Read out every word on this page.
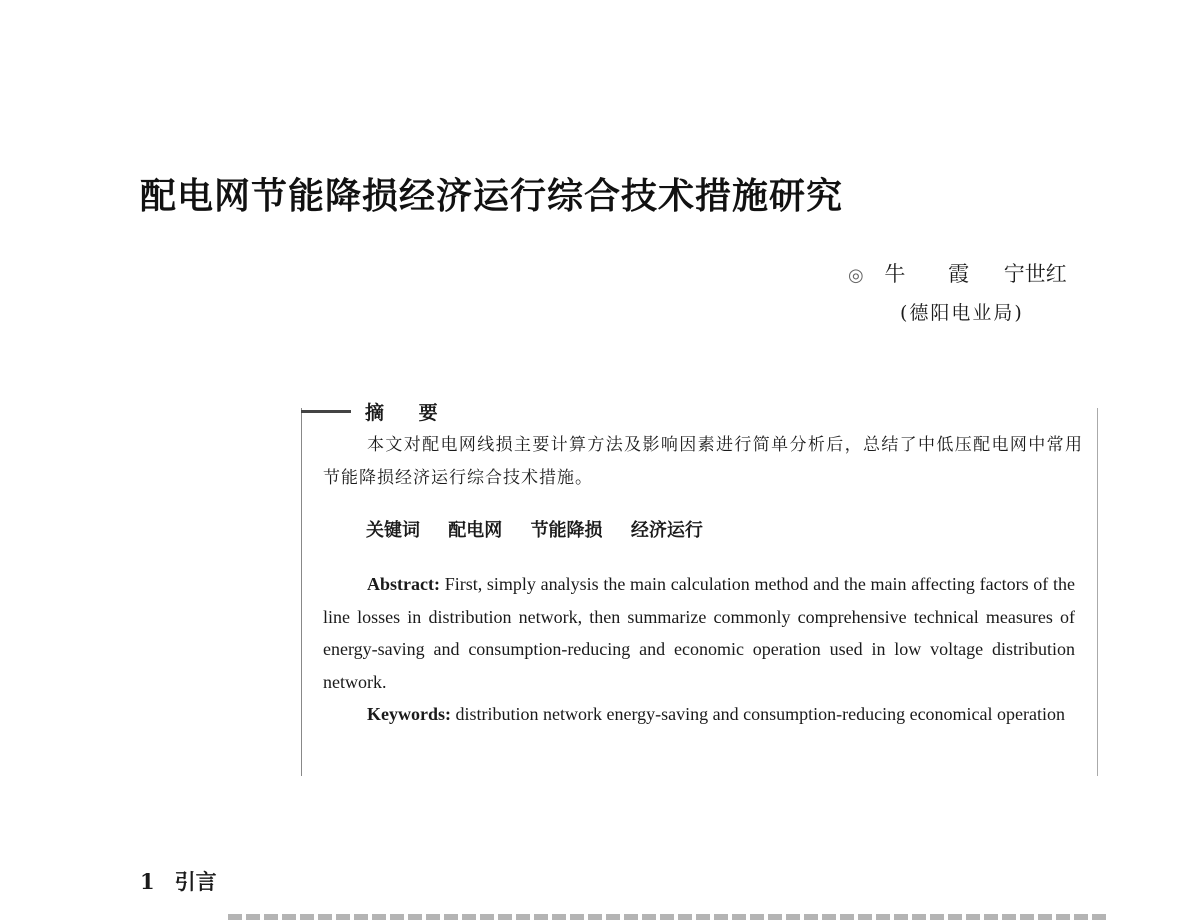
配电网节能降损经济运行综合技术措施研究
◎ 牛 霞 宁世红
(德阳电业局)
摘 要
本文对配电网线损主要计算方法及影响因素进行简单分析后，总结了中低压配电网中常用节能降损经济运行综合技术措施。
关键词 配电网 节能降损 经济运行
Abstract: First, simply analysis the main calculation method and the main affecting factors of the line losses in distribution network, then summarize commonly comprehensive technical measures of energy-saving and consumption-reducing and economic operation used in low voltage distribution network.
Keywords: distribution network energy-saving and consumption-reducing economical operation
1 引言
